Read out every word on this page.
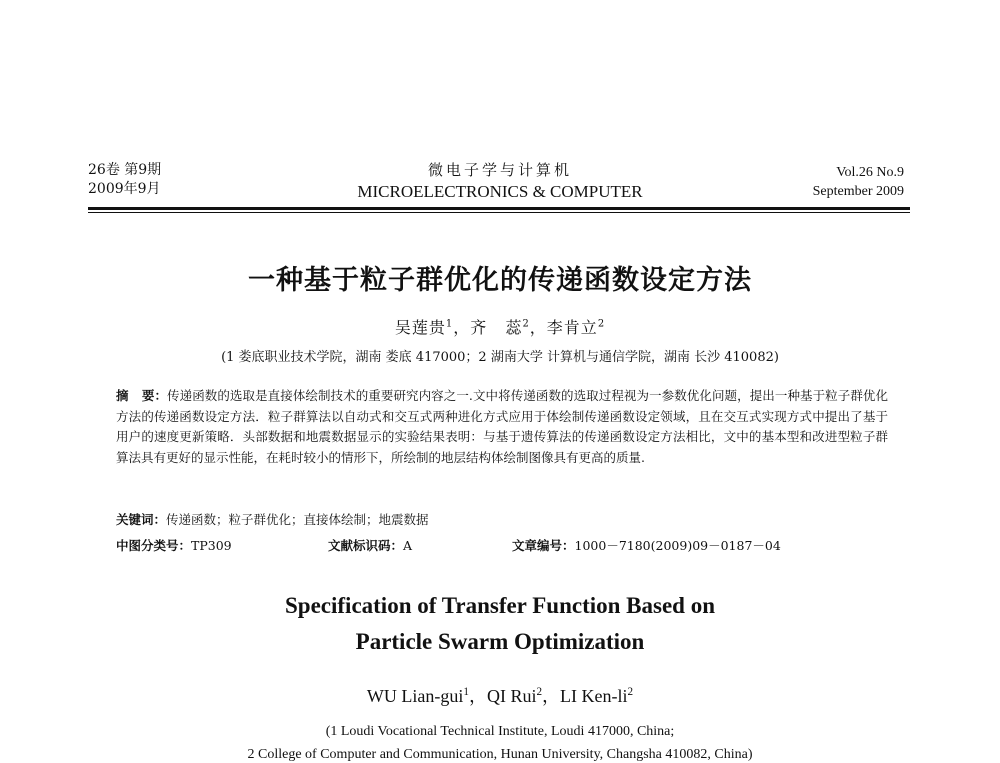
26卷 第9期
2009年9月
微电子学与计算机
MICROELECTRONICS & COMPUTER
Vol.26 No.9
September 2009
一种基于粒子群优化的传递函数设定方法
吴莲贵$^1$，齐   蕊$^2$，李肯立$^2$
(1 娄底职业技术学院，湖南 娄底 417000；2 湖南大学 计算机与通信学院，湖南 长沙 410082)
摘   要：传递函数的选取是直接体绘制技术的重要研究内容之一.文中将传递函数的选取过程视为一参数优化问题，提出一种基于粒子群优化方法的传递函数设定方法．粒子群算法以自动式和交互式两种进化方式应用于体绘制传递函数设定领域，且在交互式实现方式中提出了基于用户的速度更新策略．头部数据和地震数据显示的实验结果表明：与基于遗传算法的传递函数设定方法相比，文中的基本型和改进型粒子群算法具有更好的显示性能，在耗时较小的情形下，所绘制的地层结构体绘制图像具有更高的质量.
关键词：传递函数；粒子群优化；直接体绘制；地震数据
中图分类号：TP309	文献标识码：A	文章编号：1000－7180(2009)09－0187－04
Specification of Transfer Function Based on
Particle Swarm Optimization
WU Lian-gui$^1$，QI Rui$^2$，LI Ken-$li^2$
(1 Loudi Vocational Technical Institute, Loudi 417000, China;
2 College of Computer and Communication, Hunan University, Changsha 410082, China)
